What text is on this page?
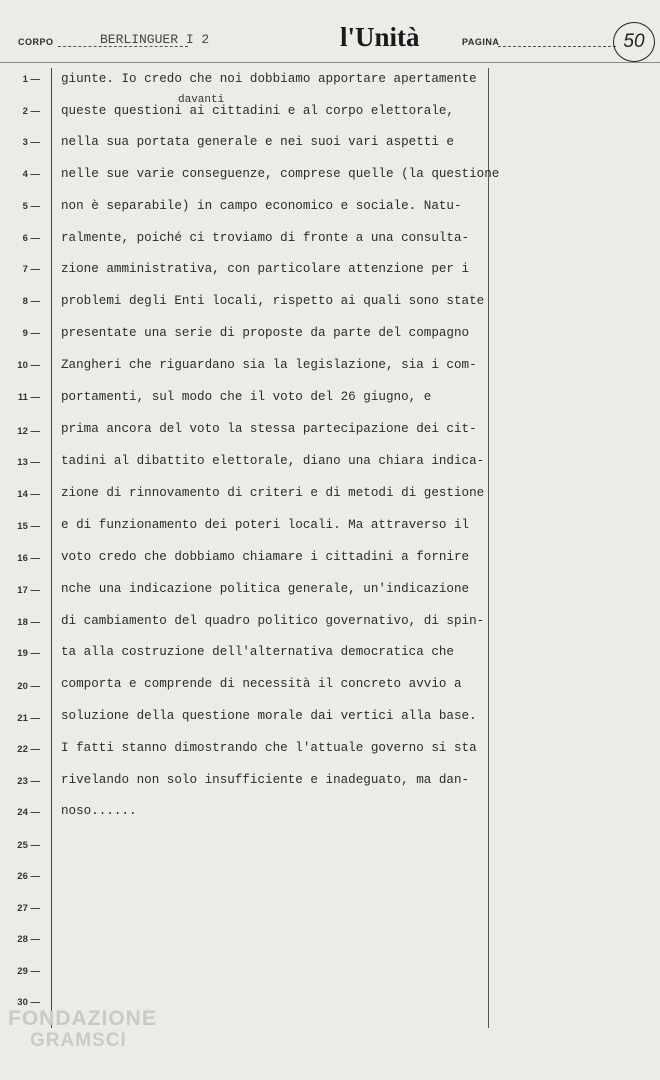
CORPO	BERLINGUER I 2	l'Unità	PAGINA	50
1 —
2 —
3 —
4 —
5 —
6 —
7 —
8 —
9 —
10 —
11 —
12 —
13 —
14 —
15 —
16 —
17 —
18 —
19 —
20 —
21 —
22 —
23 —
24 —
25 —
26 —
27 —
28 —
29 —
30 —
davanti
giunte. Io credo che noi dobbiamo apportare apertamente
queste questioni ai cittadini e al corpo elettorale,
nella sua portata generale e nei suoi vari aspetti e
nelle sue varie conseguenze, comprese quelle (la questione
non è separabile) in campo economico e sociale. Natu-
ralmente, poiché ci troviamo di fronte a una consulta-
zione amministrativa, con particolare attenzione per i
problemi degli Enti locali, rispetto ai quali sono state
presentate una serie di proposte da parte del compagno
Zangheri che riguardano sia la legislazione, sia i com-
portamenti, sul modo che il voto del 26 giugno, e
prima ancora del voto la stessa partecipazione dei cit-
tadini al dibattito elettorale, diano una chiara indica-
zione di rinnovamento di criteri e di metodi di gestione
e di funzionamento dei poteri locali. Ma attraverso il
voto credo che dobbiamo chiamare i cittadini a fornire
nche una indicazione politica generale, un'indicazione
di cambiamento del quadro politico governativo, di spin-
ta alla costruzione dell'alternativa democratica che
comporta e comprende di necessità il concreto avvio a
soluzione della questione morale dai vertici alla base.
I fatti stanno dimostrando che l'attuale governo si sta
rivelando non solo insufficiente e inadeguato, ma dan-
noso......
FONDAZIONE
GRAMSCI
